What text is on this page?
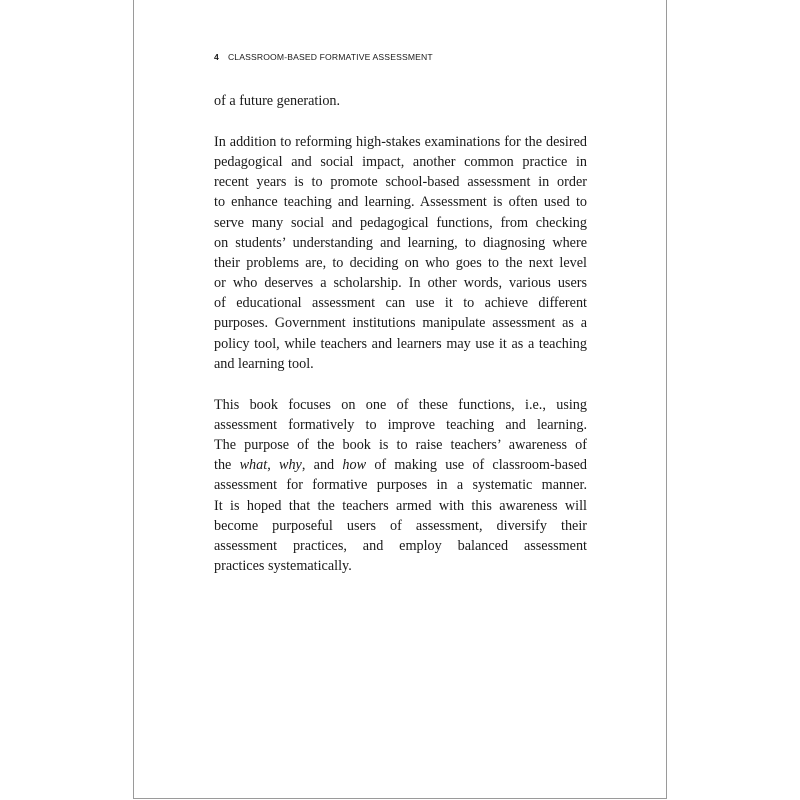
4 CLASSROOM-BASED FORMATIVE ASSESSMENT

of a future generation.

In addition to reforming high-stakes examinations for the desired
pedagogical and social impact, another common practice in
recent years is to promote school-based assessment in order
to enhance teaching and learning. Assessment is often used to
serve many social and pedagogical functions, from checking
on students’ understanding and learning, to diagnosing where
their problems are, to deciding on who goes to the next level
or who deserves a scholarship. In other words, various users
of educational assessment can use it to achieve different
purposes. Government institutions manipulate assessment as a
policy tool, while teachers and learners may use it as a teaching
and learning tool.

This book focuses on one of these functions, i.e., using
assessment formatively to improve teaching and learning.
The purpose of the book is to raise teachers’ awareness of
the what, why, and how of making use of classroom-based
assessment for formative purposes in a systematic manner.
It is hoped that the teachers armed with this awareness will
become purposeful users of assessment, diversify their
assessment practices, and employ balanced assessment
practices systematically.
